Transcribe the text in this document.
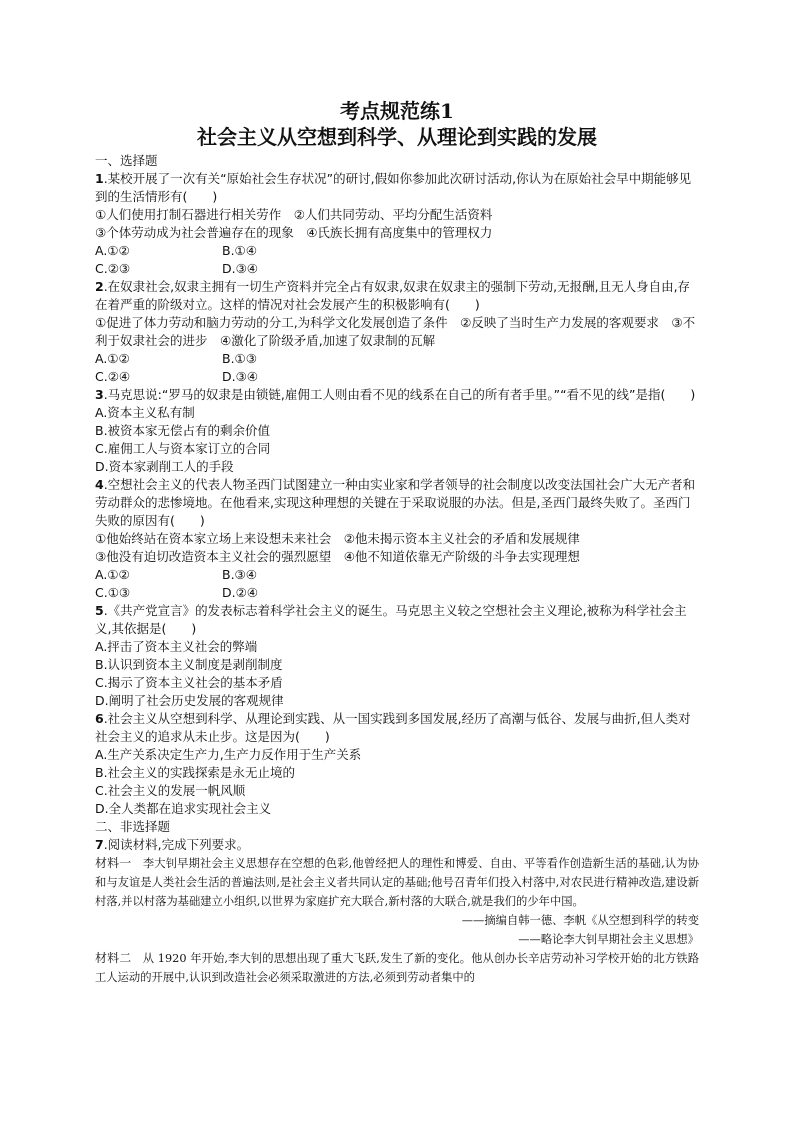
考点规范练1
社会主义从空想到科学、从理论到实践的发展
一、选择题
1.某校开展了一次有关“原始社会生存状况”的研讨,假如你参加此次研讨活动,你认为在原始社会早中期能够见到的生活情形有(　　)
①人们使用打制石器进行相关劳作　②人们共同劳动、平均分配生活资料
③个体劳动成为社会普遍存在的现象　④氏族长拥有高度集中的管理权力
A.①②	B.①④
C.②③	D.③④
2.在奴隶社会,奴隶主拥有一切生产资料并完全占有奴隶,奴隶在奴隶主的强制下劳动,无报酬,且无人身自由,存在着严重的阶级对立。这样的情况对社会发展产生的积极影响有(　　)
①促进了体力劳动和脑力劳动的分工,为科学文化发展创造了条件　②反映了当时生产力发展的客观要求　③不利于奴隶社会的进步　④激化了阶级矛盾,加速了奴隶制的瓦解
A.①②	B.①③
C.②④	D.③④
3.马克思说:“罗马的奴隶是由锁链,雇佣工人则由看不见的线系在自己的所有者手里。”“看不见的线”是指(　　)
A.资本主义私有制
B.被资本家无偿占有的剩余价值
C.雇佣工人与资本家订立的合同
D.资本家剥削工人的手段
4.空想社会主义的代表人物圣西门试图建立一种由实业家和学者领导的社会制度以改变法国社会广大无产者和劳动群众的悲惨境地。在他看来,实现这种理想的关键在于采取说服的办法。但是,圣西门最终失败了。圣西门失败的原因有(　　)
①他始终站在资本家立场上来设想未来社会　②他未揭示资本主义社会的矛盾和发展规律
③他没有迫切改造资本主义社会的强烈愿望　④他不知道依靠无产阶级的斗争去实现理想
A.①②	B.③④
C.①③	D.②④
5.《共产党宣言》的发表标志着科学社会主义的诞生。马克思主义较之空想社会主义理论,被称为科学社会主义,其依据是(　　)
A.抨击了资本主义社会的弊端
B.认识到资本主义制度是剥削制度
C.揭示了资本主义社会的基本矛盾
D.阐明了社会历史发展的客观规律
6.社会主义从空想到科学、从理论到实践、从一国实践到多国发展,经历了高潮与低谷、发展与曲折,但人类对社会主义的追求从未止步。这是因为(　　)
A.生产关系决定生产力,生产力反作用于生产关系
B.社会主义的实践探索是永无止境的
C.社会主义的发展一帆风顺
D.全人类都在追求实现社会主义
二、非选择题
7.阅读材料,完成下列要求。
材料一　李大钊早期社会主义思想存在空想的色彩,他曾经把人的理性和博爱、自由、平等看作创造新生活的基础,认为协和与友谊是人类社会生活的普遍法则,是社会主义者共同认定的基础;他号召青年们投入村落中,对农民进行精神改造,建设新村落,并以村落为基础建立小组织,以世界为家庭扩充大联合,新村落的大联合,就是我们的少年中国。
——摘编自韩一德、李帆《从空想到科学的转变
——略论李大钊早期社会主义思想》
材料二　从 1920 年开始,李大钊的思想出现了重大飞跃,发生了新的变化。他从创办长辛店劳动补习学校开始的北方铁路工人运动的开展中,认识到改造社会必须采取激进的方法,必须到劳动者集中的
